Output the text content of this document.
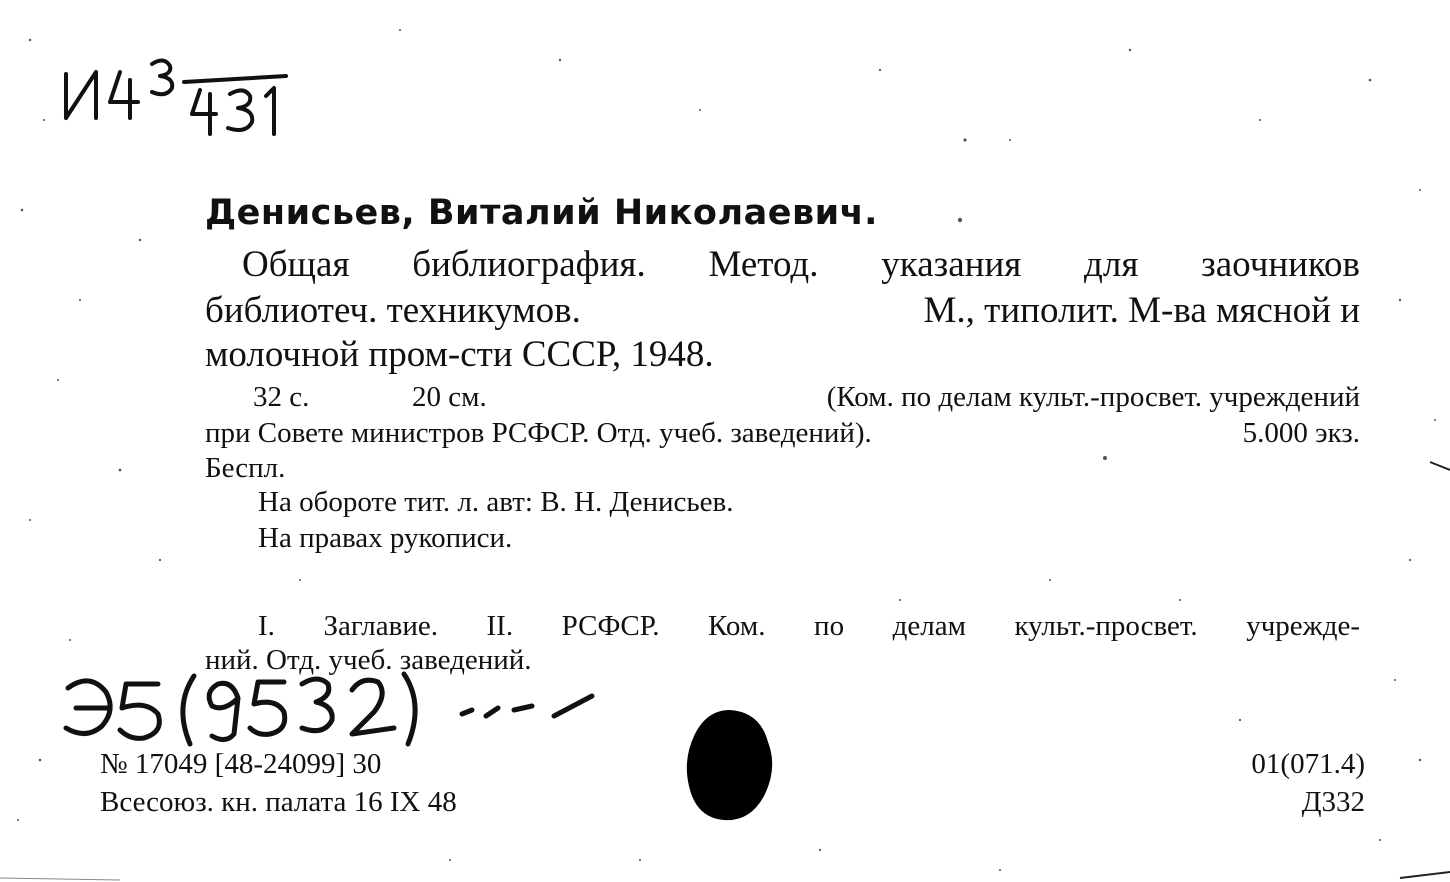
Денисьев, Виталий Николаевич.
Общая библиография. Метод. указания для заочников
библиотеч. техникумов.	М., типолит. М-ва мясной и
молочной пром-сти СССР, 1948.
32 с.	20 см.	(Ком. по делам культ.-просвет. учреждений
при Совете министров РСФСР. Отд. учеб. заведений).	5.000 экз.
Беспл.
На обороте тит. л. авт: В. Н. Денисьев.
На правах рукописи.
I. Заглавие. II. РСФСР. Ком. по делам культ.-просвет. учрежде-
ний. Отд. учеб. заведений.
№ 17049 [48-24099] 30
Всесоюз. кн. палата 16 IX 48
01(071.4)
Д332
